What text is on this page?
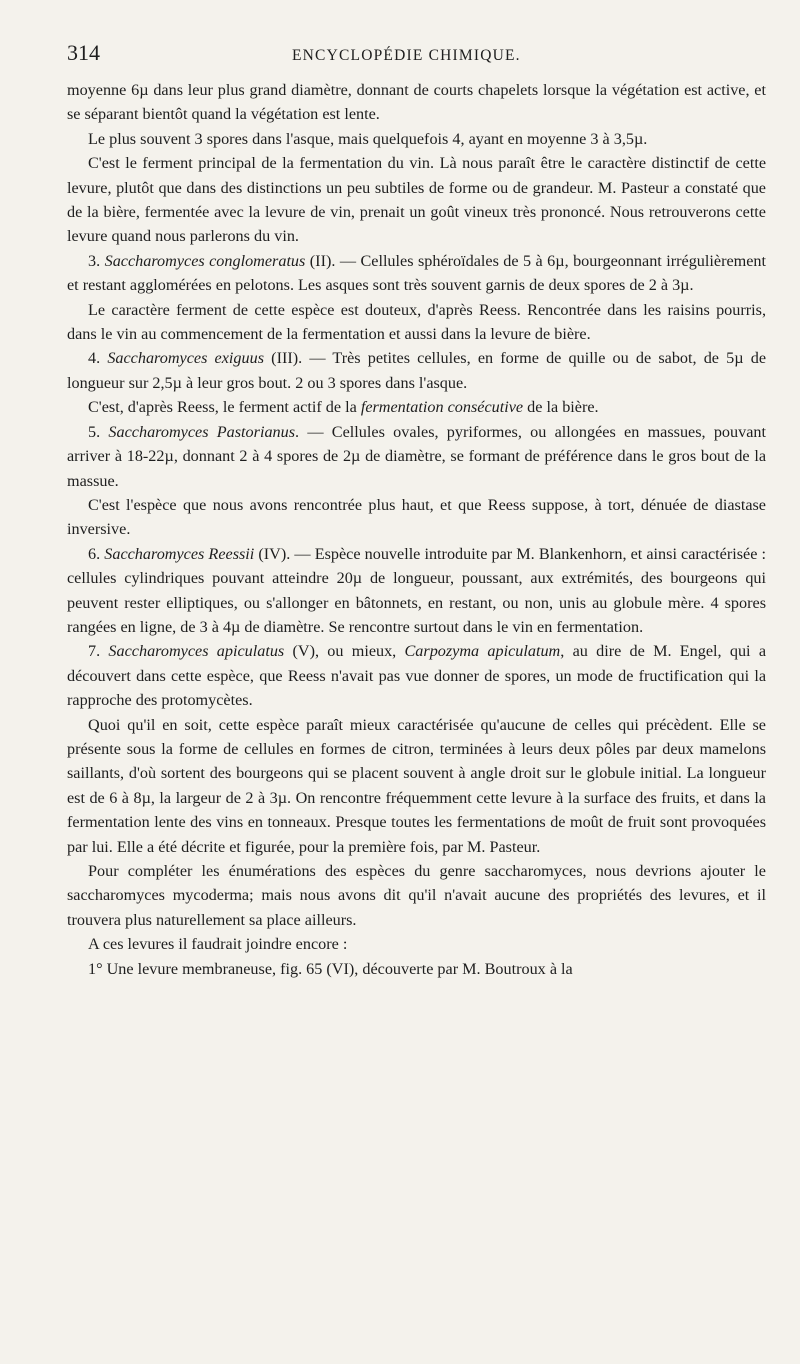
314	ENCYCLOPÉDIE CHIMIQUE.

moyenne 6µ dans leur plus grand diamètre, donnant de courts chapelets lorsque la végétation est active, et se séparant bientôt quand la végétation est lente.

Le plus souvent 3 spores dans l'asque, mais quelquefois 4, ayant en moyenne 3 à 3,5µ.

C'est le ferment principal de la fermentation du vin. Là nous paraît être le caractère distinctif de cette levure, plutôt que dans des distinctions un peu subtiles de forme ou de grandeur. M. Pasteur a constaté que de la bière, fermentée avec la levure de vin, prenait un goût vineux très prononcé. Nous retrouverons cette levure quand nous parlerons du vin.

3. Saccharomyces conglomeratus (II). — Cellules sphéroïdales de 5 à 6µ, bourgeonnant irrégulièrement et restant agglomérées en pelotons. Les asques sont très souvent garnis de deux spores de 2 à 3µ.

Le caractère ferment de cette espèce est douteux, d'après Reess. Rencontrée dans les raisins pourris, dans le vin au commencement de la fermentation et aussi dans la levure de bière.

4. Saccharomyces exiguus (III). — Très petites cellules, en forme de quille ou de sabot, de 5µ de longueur sur 2,5µ à leur gros bout. 2 ou 3 spores dans l'asque.

C'est, d'après Reess, le ferment actif de la fermentation consécutive de la bière.

5. Saccharomyces Pastorianus. — Cellules ovales, pyriformes, ou allongées en massues, pouvant arriver à 18-22µ, donnant 2 à 4 spores de 2µ de diamètre, se formant de préférence dans le gros bout de la massue.

C'est l'espèce que nous avons rencontrée plus haut, et que Reess suppose, à tort, dénuée de diastase inversive.

6. Saccharomyces Reessii (IV). — Espèce nouvelle introduite par M. Blankenhorn, et ainsi caractérisée : cellules cylindriques pouvant atteindre 20µ de longueur, poussant, aux extrémités, des bourgeons qui peuvent rester elliptiques, ou s'allonger en bâtonnets, en restant, ou non, unis au globule mère. 4 spores rangées en ligne, de 3 à 4µ de diamètre. Se rencontre surtout dans le vin en fermentation.

7. Saccharomyces apiculatus (V), ou mieux, Carpozyma apiculatum, au dire de M. Engel, qui a découvert dans cette espèce, que Reess n'avait pas vue donner de spores, un mode de fructification qui la rapproche des protomycètes.

Quoi qu'il en soit, cette espèce paraît mieux caractérisée qu'aucune de celles qui précèdent. Elle se présente sous la forme de cellules en formes de citron, terminées à leurs deux pôles par deux mamelons saillants, d'où sortent des bourgeons qui se placent souvent à angle droit sur le globule initial. La longueur est de 6 à 8µ, la largeur de 2 à 3µ. On rencontre fréquemment cette levure à la surface des fruits, et dans la fermentation lente des vins en tonneaux. Presque toutes les fermentations de moût de fruit sont provoquées par lui. Elle a été décrite et figurée, pour la première fois, par M. Pasteur.

Pour compléter les énumérations des espèces du genre saccharomyces, nous devrions ajouter le saccharomyces mycoderma; mais nous avons dit qu'il n'avait aucune des propriétés des levures, et il trouvera plus naturellement sa place ailleurs.

A ces levures il faudrait joindre encore :

1° Une levure membraneuse, fig. 65 (VI), découverte par M. Boutroux à la
